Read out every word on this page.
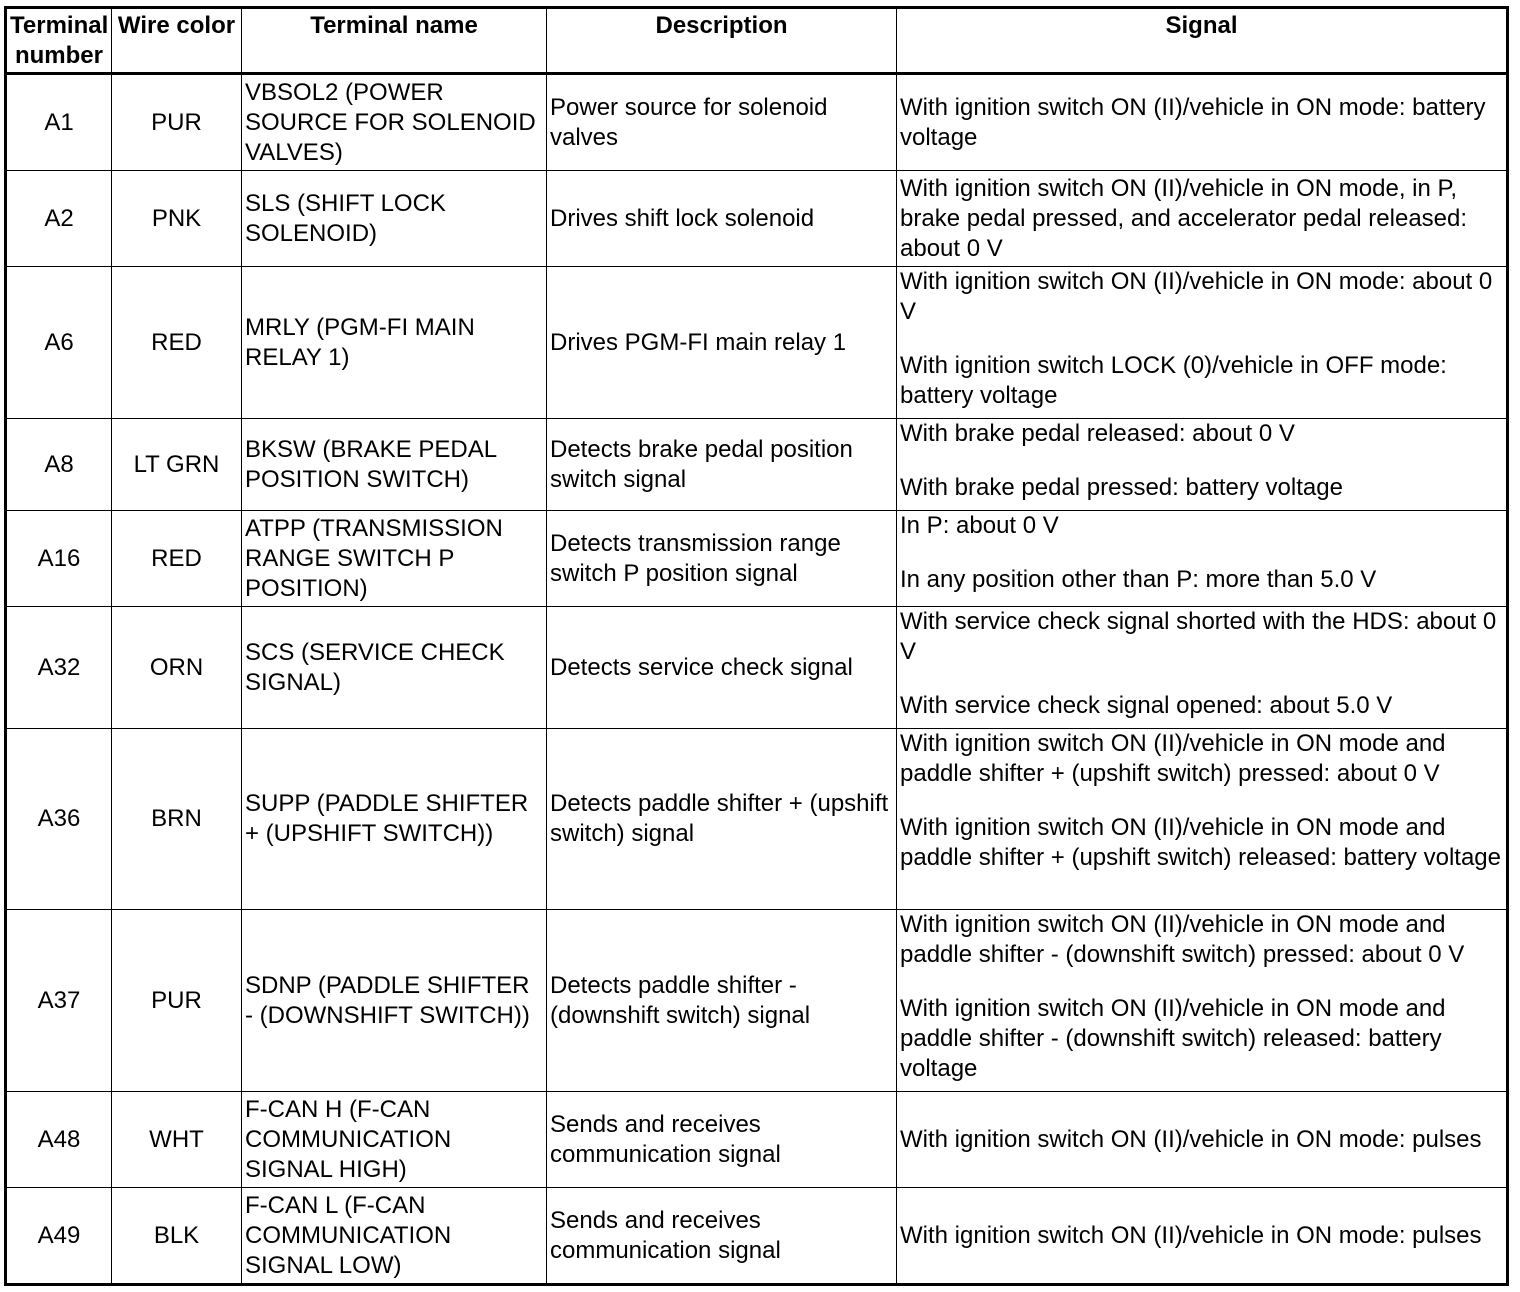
Terminal number	Wire color	Terminal name	Description	Signal
A1	PUR	VBSOL2 (POWER SOURCE FOR SOLENOID VALVES)	Power source for solenoid valves	With ignition switch ON (II)/vehicle in ON mode: battery voltage

A2	PNK	SLS (SHIFT LOCK SOLENOID)	Drives shift lock solenoid	With ignition switch ON (II)/vehicle in ON mode, in P, brake pedal pressed, and accelerator pedal released: about 0 V

A6	RED	MRLY (PGM-FI MAIN RELAY 1)	Drives PGM-FI main relay 1	With ignition switch ON (II)/vehicle in ON mode: about 0 V
With ignition switch LOCK (0)/vehicle in OFF mode: battery voltage

A8	LT GRN	BKSW (BRAKE PEDAL POSITION SWITCH)	Detects brake pedal position switch signal	With brake pedal released: about 0 V
With brake pedal pressed: battery voltage

A16	RED	ATPP (TRANSMISSION RANGE SWITCH P POSITION)	Detects transmission range switch P position signal	In P: about 0 V
In any position other than P: more than 5.0 V

A32	ORN	SCS (SERVICE CHECK SIGNAL)	Detects service check signal	With service check signal shorted with the HDS: about 0 V
With service check signal opened: about 5.0 V

A36	BRN	SUPP (PADDLE SHIFTER + (UPSHIFT SWITCH))	Detects paddle shifter + (upshift switch) signal	With ignition switch ON (II)/vehicle in ON mode and paddle shifter + (upshift switch) pressed: about 0 V
With ignition switch ON (II)/vehicle in ON mode and paddle shifter + (upshift switch) released: battery voltage

A37	PUR	SDNP (PADDLE SHIFTER - (DOWNSHIFT SWITCH))	Detects paddle shifter - (downshift switch) signal	With ignition switch ON (II)/vehicle in ON mode and paddle shifter - (downshift switch) pressed: about 0 V
With ignition switch ON (II)/vehicle in ON mode and paddle shifter - (downshift switch) released: battery voltage

A48	WHT	F-CAN H (F-CAN COMMUNICATION SIGNAL HIGH)	Sends and receives communication signal	With ignition switch ON (II)/vehicle in ON mode: pulses

A49	BLK	F-CAN L (F-CAN COMMUNICATION SIGNAL LOW)	Sends and receives communication signal	With ignition switch ON (II)/vehicle in ON mode: pulses
